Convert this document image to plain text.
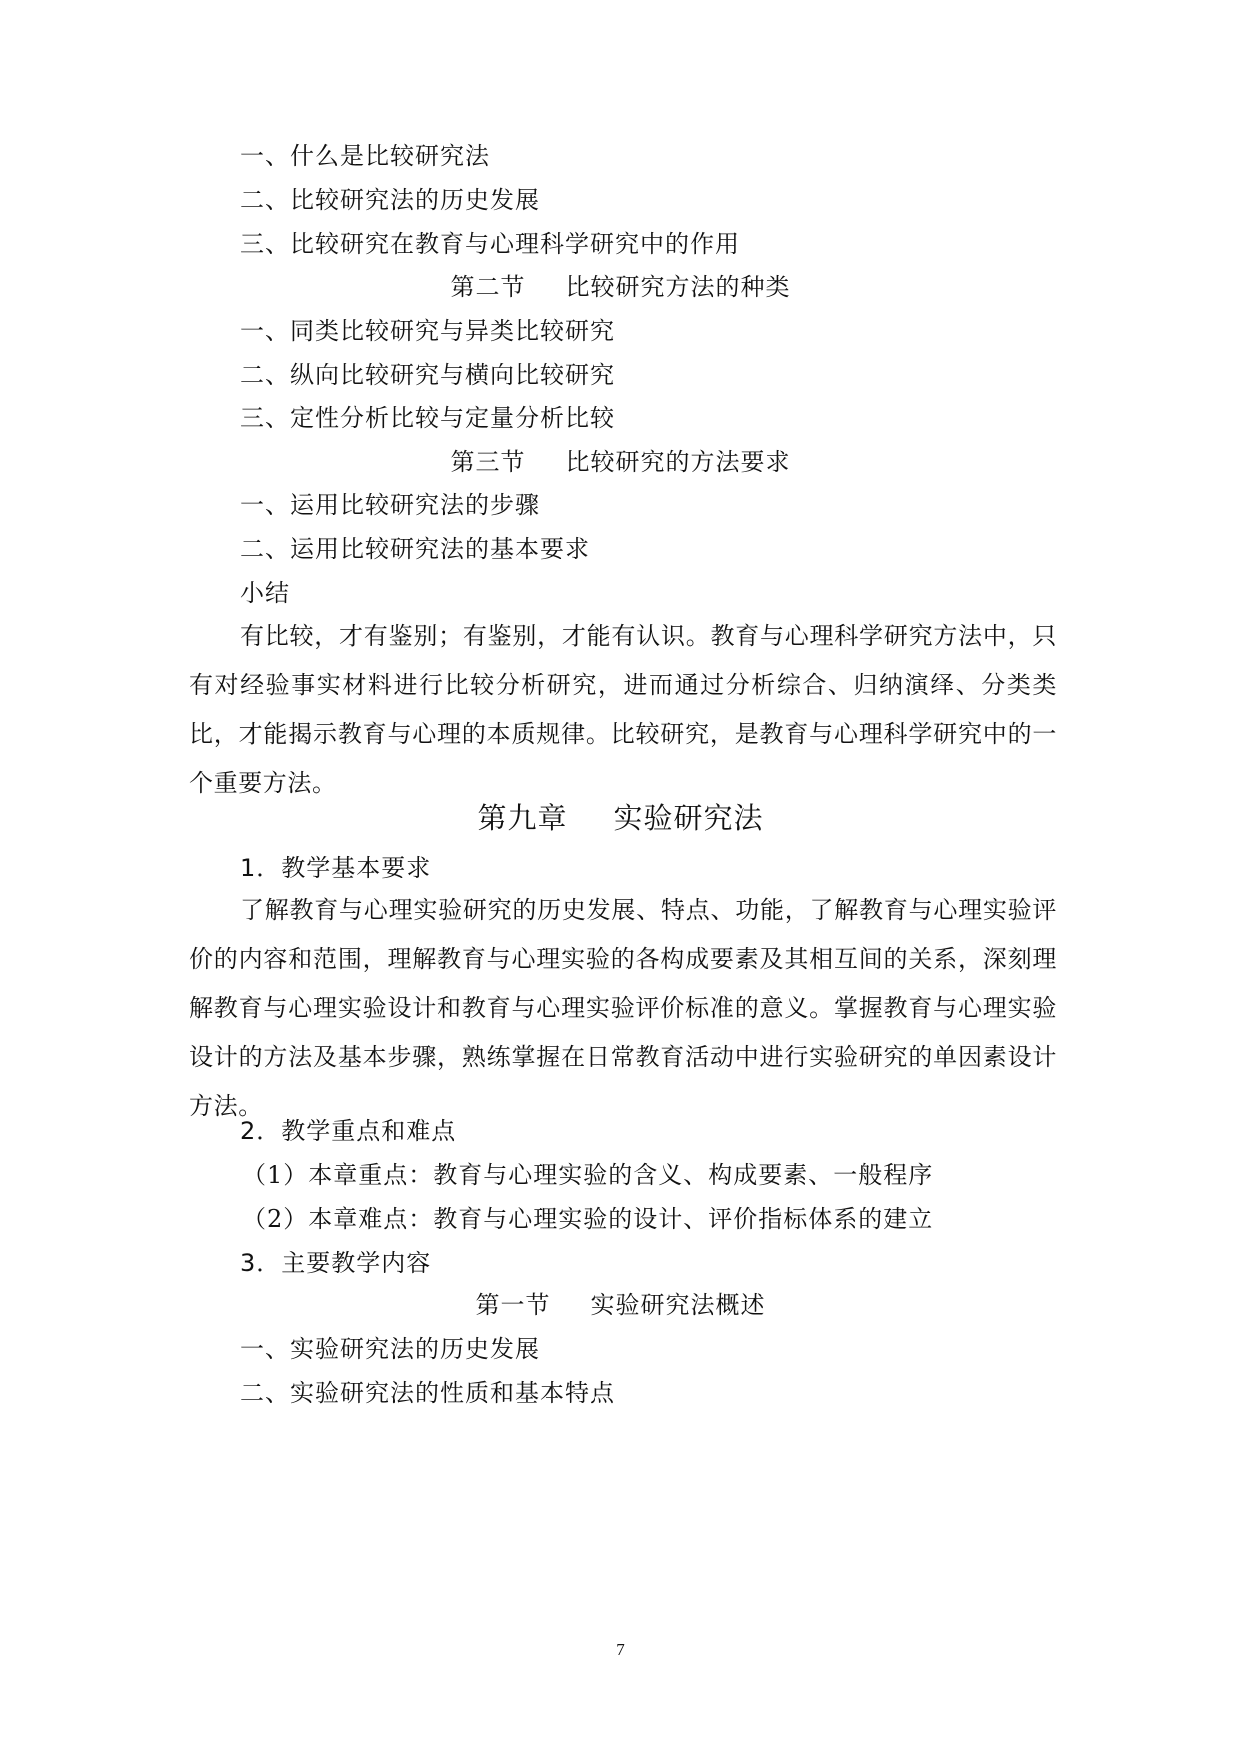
一、什么是比较研究法
二、比较研究法的历史发展
三、比较研究在教育与心理科学研究中的作用
第二节 比较研究方法的种类
一、同类比较研究与异类比较研究
二、纵向比较研究与横向比较研究
三、定性分析比较与定量分析比较
第三节 比较研究的方法要求
一、运用比较研究法的步骤
二、运用比较研究法的基本要求
小结
有比较，才有鉴别；有鉴别，才能有认识。教育与心理科学研究方法中，只有对经验事实材料进行比较分析研究，进而通过分析综合、归纳演绎、分类类比，才能揭示教育与心理的本质规律。比较研究，是教育与心理科学研究中的一个重要方法。
第九章 实验研究法
1．教学基本要求
了解教育与心理实验研究的历史发展、特点、功能，了解教育与心理实验评价的内容和范围，理解教育与心理实验的各构成要素及其相互间的关系，深刻理解教育与心理实验设计和教育与心理实验评价标准的意义。掌握教育与心理实验设计的方法及基本步骤，熟练掌握在日常教育活动中进行实验研究的单因素设计方法。
2．教学重点和难点
（1）本章重点：教育与心理实验的含义、构成要素、一般程序
（2）本章难点：教育与心理实验的设计、评价指标体系的建立
3．主要教学内容
第一节 实验研究法概述
一、实验研究法的历史发展
二、实验研究法的性质和基本特点
7
